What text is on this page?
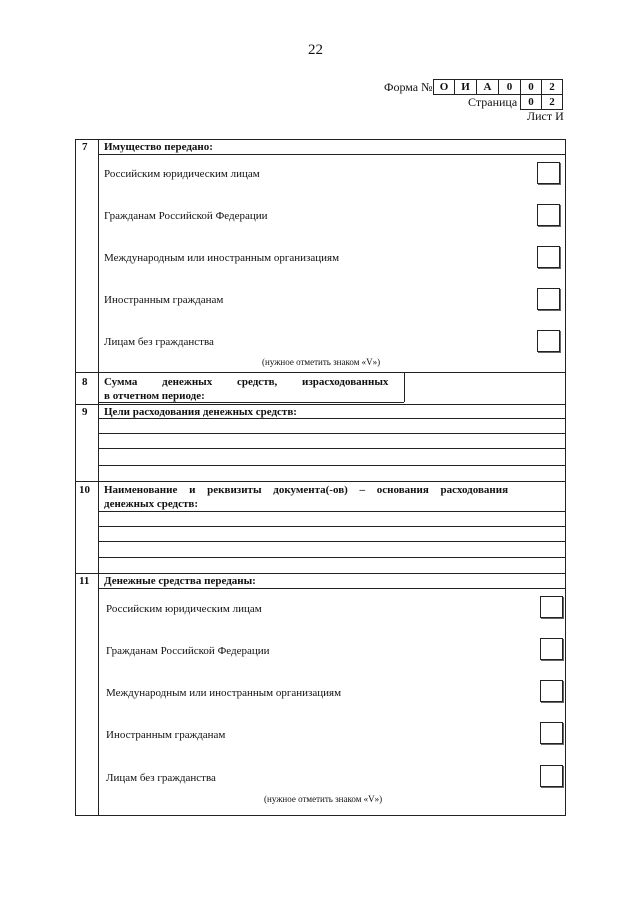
22
Форма № О	И	А	0	0	2
Страница	0	2
Лист И
7 Имущество передано:
Российским юридическим лицам
Гражданам Российской Федерации
Международным или иностранным организациям
Иностранным гражданам
Лицам без гражданства
(нужное отметить знаком «V»)
8 Сумма денежных средств, израсходованных
в отчетном периоде:
9 Цели расходования денежных средств:
10 Наименование и реквизиты документа(-ов) – основания расходования
денежных средств:
11 Денежные средства переданы:
Российским юридическим лицам
Гражданам Российской Федерации
Международным или иностранным организациям
Иностранным гражданам
Лицам без гражданства
(нужное отметить знаком «V»)
